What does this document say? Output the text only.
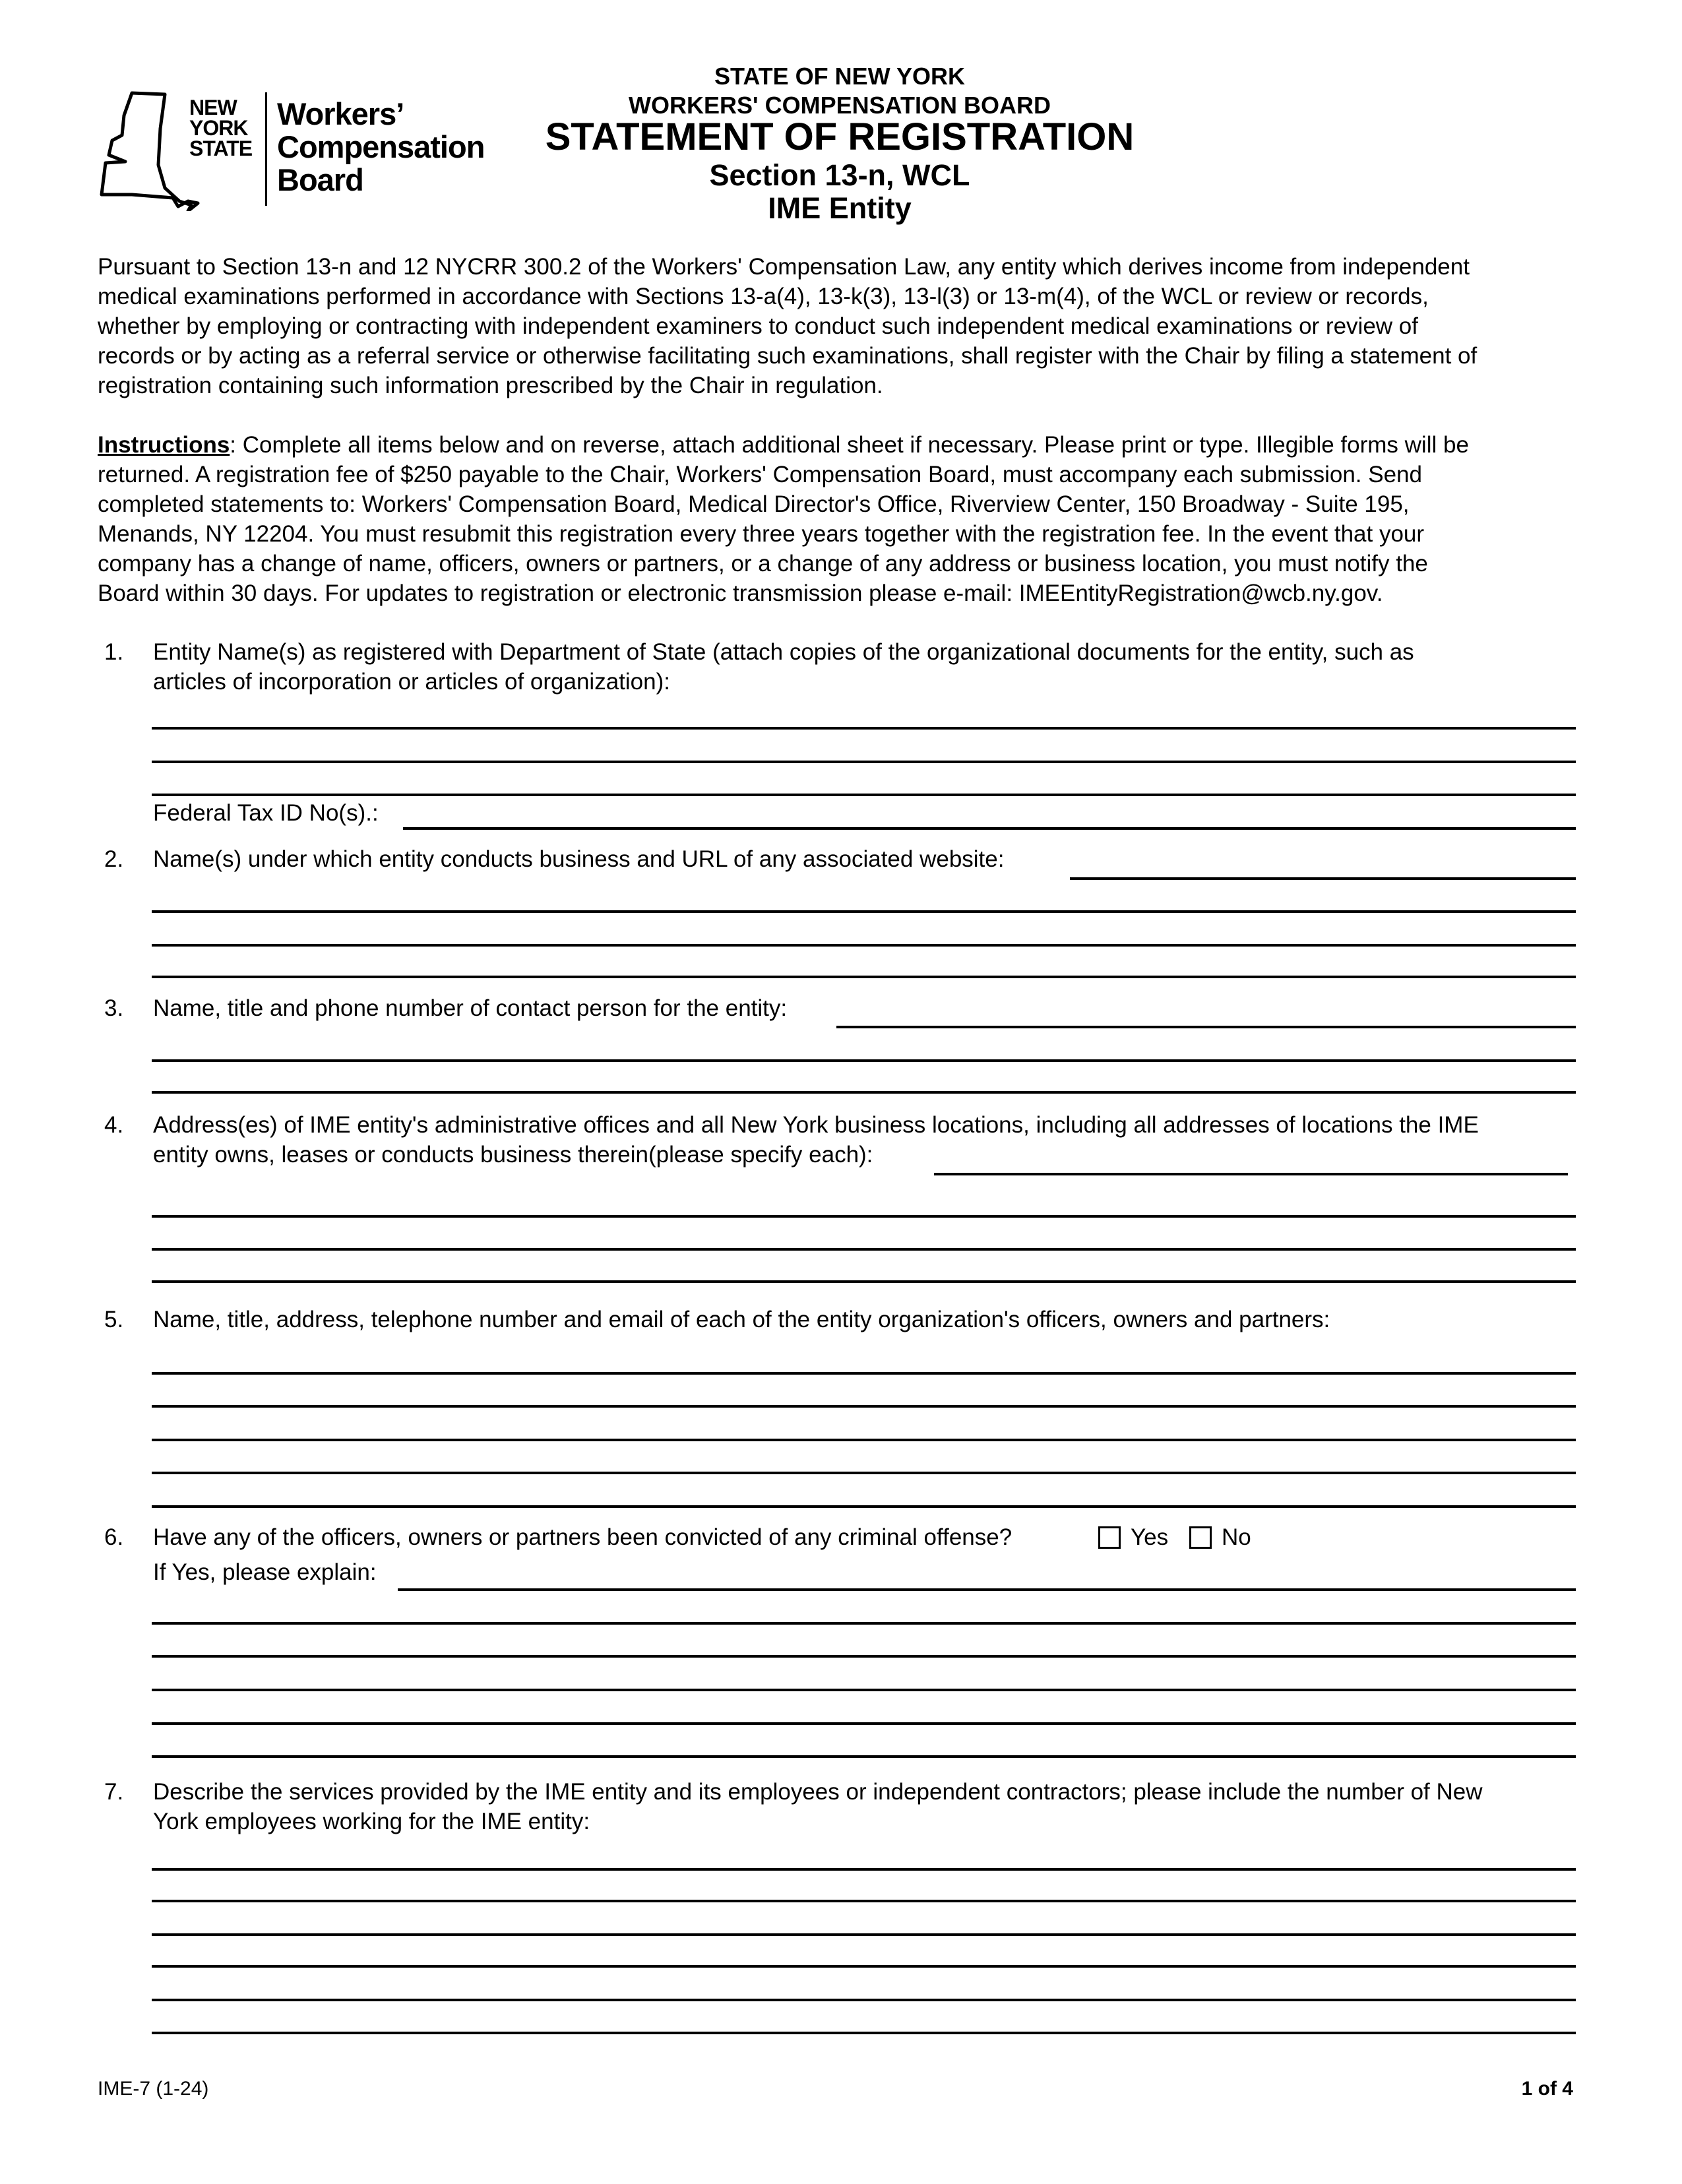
NEW
YORK
STATE
Workers’
Compensation
Board
STATE OF NEW YORK
WORKERS' COMPENSATION BOARD
STATEMENT OF REGISTRATION
Section 13-n, WCL
IME Entity
Pursuant to Section 13-n and 12 NYCRR 300.2 of the Workers' Compensation Law, any entity which derives income from independent
medical examinations performed in accordance with Sections 13-a(4), 13-k(3), 13-l(3) or 13-m(4), of the WCL or review or records,
whether by employing or contracting with independent examiners to conduct such independent medical examinations or review of
records or by acting as a referral service or otherwise facilitating such examinations, shall register with the Chair by filing a statement of
registration containing such information prescribed by the Chair in regulation.
Instructions: Complete all items below and on reverse, attach additional sheet if necessary. Please print or type. Illegible forms will be
returned. A registration fee of $250 payable to the Chair, Workers' Compensation Board, must accompany each submission. Send
completed statements to: Workers' Compensation Board, Medical Director's Office, Riverview Center, 150 Broadway - Suite 195,
Menands, NY 12204. You must resubmit this registration every three years together with the registration fee. In the event that your
company has a change of name, officers, owners or partners, or a change of any address or business location, you must notify the
Board within 30 days. For updates to registration or electronic transmission please e-mail: IMEEntityRegistration@wcb.ny.gov.
1. Entity Name(s) as registered with Department of State (attach copies of the organizational documents for the entity, such as
articles of incorporation or articles of organization):
Federal Tax ID No(s).:
2. Name(s) under which entity conducts business and URL of any associated website:
3. Name, title and phone number of contact person for the entity:
4. Address(es) of IME entity's administrative offices and all New York business locations, including all addresses of locations the IME
entity owns, leases or conducts business therein(please specify each):
5. Name, title, address, telephone number and email of each of the entity organization's officers, owners and partners:
6. Have any of the officers, owners or partners been convicted of any criminal offense?	Yes No
If Yes, please explain:
7. Describe the services provided by the IME entity and its employees or independent contractors; please include the number of New
York employees working for the IME entity:
IME-7 (1-24)	1 of 4
